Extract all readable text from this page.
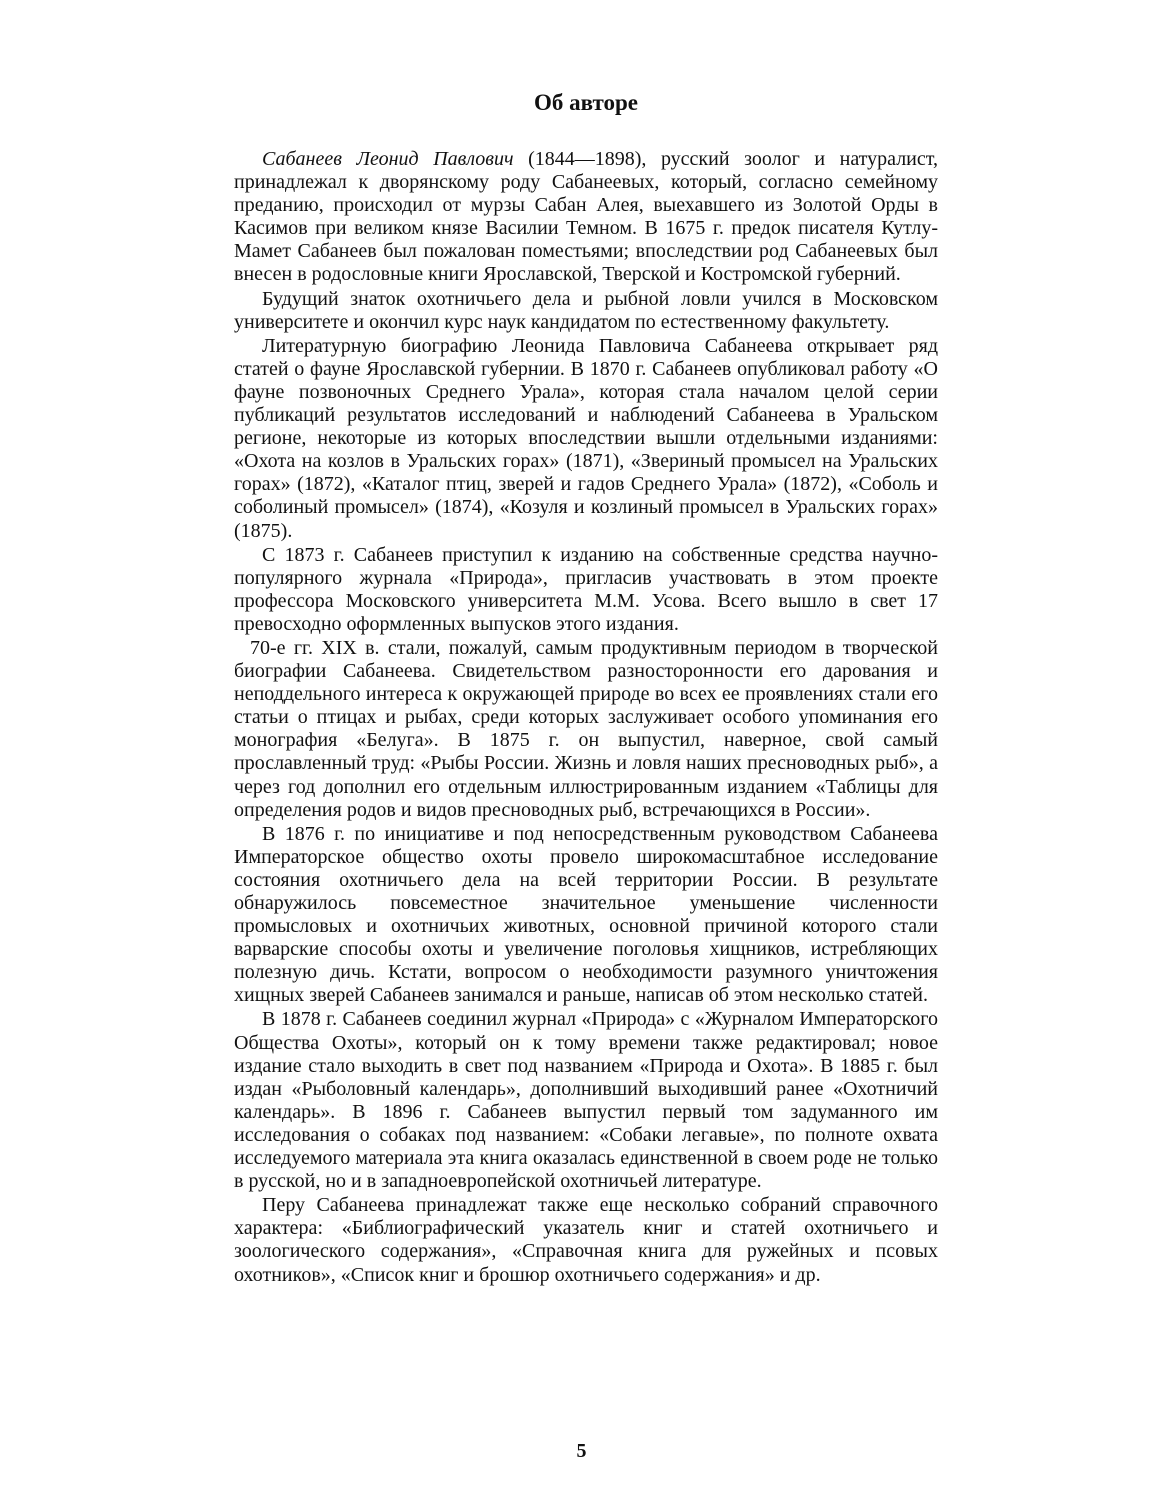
Об авторе

Сабанеев Леонид Павлович (1844—1898), русский зоолог и натуралист, принадлежал к дворянскому роду Сабанеевых, который, согласно семейному преданию, происходил от мурзы Сабан Алея, выехавшего из Золотой Орды в Касимов при великом князе Василии Темном. В 1675 г. предок писателя Кутлу-Мамет Сабанеев был пожалован поместьями; впоследствии род Сабанеевых был внесен в родословные книги Ярославской, Тверской и Костромской губерний.

Будущий знаток охотничьего дела и рыбной ловли учился в Московском университете и окончил курс наук кандидатом по естественному факультету.

Литературную биографию Леонида Павловича Сабанеева открывает ряд статей о фауне Ярославской губернии. В 1870 г. Сабанеев опубликовал работу «О фауне позвоночных Среднего Урала», которая стала началом целой серии публикаций результатов исследований и наблюдений Сабанеева в Уральском регионе, некоторые из которых впоследствии вышли отдельными изданиями: «Охота на козлов в Уральских горах» (1871), «Звериный промысел на Уральских горах» (1872), «Каталог птиц, зверей и гадов Среднего Урала» (1872), «Соболь и соболиный промысел» (1874), «Козуля и козлиный промысел в Уральских горах» (1875).

С 1873 г. Сабанеев приступил к изданию на собственные средства научно-популярного журнала «Природа», пригласив участвовать в этом проекте профессора Московского университета М.М. Усова. Всего вышло в свет 17 превосходно оформленных выпусков этого издания.

70-е гг. XIX в. стали, пожалуй, самым продуктивным периодом в творческой биографии Сабанеева. Свидетельством разносторонности его дарования и неподдельного интереса к окружающей природе во всех ее проявлениях стали его статьи о птицах и рыбах, среди которых заслуживает особого упоминания его монография «Белуга». В 1875 г. он выпустил, наверное, свой самый прославленный труд: «Рыбы России. Жизнь и ловля наших пресноводных рыб», а через год дополнил его отдельным иллюстрированным изданием «Таблицы для определения родов и видов пресноводных рыб, встречающихся в России».

В 1876 г. по инициативе и под непосредственным руководством Сабанеева Императорское общество охоты провело широкомасштабное исследование состояния охотничьего дела на всей территории России. В результате обнаружилось повсеместное значительное уменьшение численности промысловых и охотничьих животных, основной причиной которого стали варварские способы охоты и увеличение поголовья хищников, истребляющих полезную дичь. Кстати, вопросом о необходимости разумного уничтожения хищных зверей Сабанеев занимался и раньше, написав об этом несколько статей.

В 1878 г. Сабанеев соединил журнал «Природа» с «Журналом Императорского Общества Охоты», который он к тому времени также редактировал; новое издание стало выходить в свет под названием «Природа и Охота». В 1885 г. был издан «Рыболовный календарь», дополнивший выходивший ранее «Охотничий календарь». В 1896 г. Сабанеев выпустил первый том задуманного им исследования о собаках под названием: «Собаки легавые», по полноте охвата исследуемого материала эта книга оказалась единственной в своем роде не только в русской, но и в западноевропейской охотничьей литературе.

Перу Сабанеева принадлежат также еще несколько собраний справочного характера: «Библиографический указатель книг и статей охотничьего и зоологического содержания», «Справочная книга для ружейных и псовых охотников», «Список книг и брошюр охотничьего содержания» и др.

5
